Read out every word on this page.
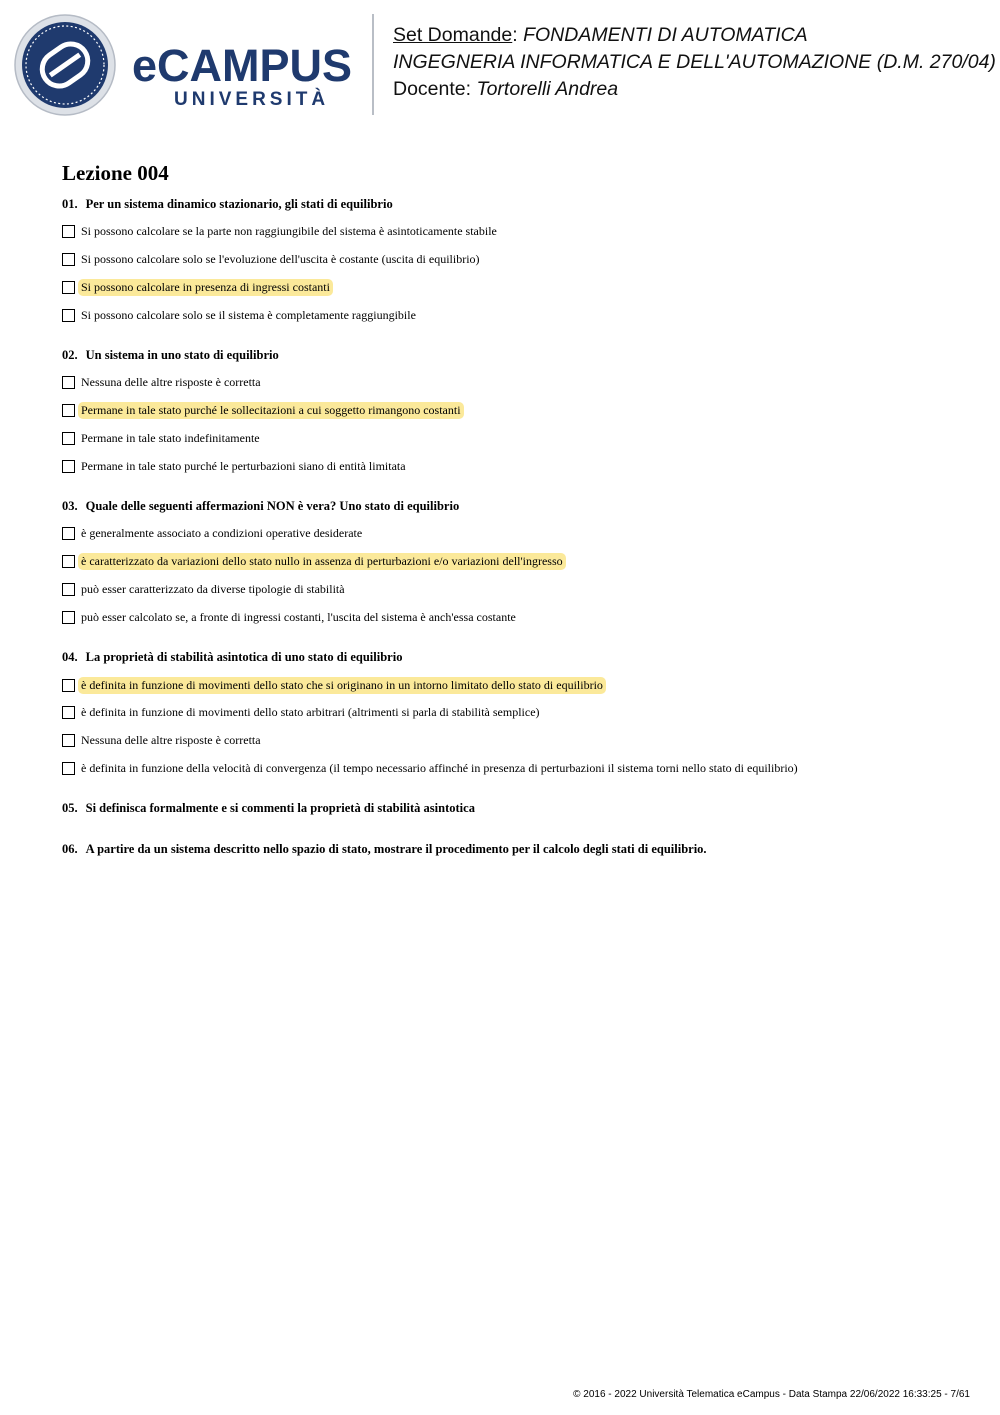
eCAMPUS
UNIVERSITÀ
Set Domande: FONDAMENTI DI AUTOMATICA
INGEGNERIA INFORMATICA E DELL'AUTOMAZIONE (D.M. 270/04)
Docente: Tortorelli Andrea
Lezione 004
01. Per un sistema dinamico stazionario, gli stati di equilibrio
Si possono calcolare se la parte non raggiungibile del sistema è asintoticamente stabile
Si possono calcolare solo se l'evoluzione dell'uscita è costante (uscita di equilibrio)
Si possono calcolare in presenza di ingressi costanti
Si possono calcolare solo se il sistema è completamente raggiungibile
02. Un sistema in uno stato di equilibrio
Nessuna delle altre risposte è corretta
Permane in tale stato purché le sollecitazioni a cui soggetto rimangono costanti
Permane in tale stato indefinitamente
Permane in tale stato purché le perturbazioni siano di entità limitata
03. Quale delle seguenti affermazioni NON è vera? Uno stato di equilibrio
è generalmente associato a condizioni operative desiderate
è caratterizzato da variazioni dello stato nullo in assenza di perturbazioni e/o variazioni dell'ingresso
può esser caratterizzato da diverse tipologie di stabilità
può esser calcolato se, a fronte di ingressi costanti, l'uscita del sistema è anch'essa costante
04. La proprietà di stabilità asintotica di uno stato di equilibrio
è definita in funzione di movimenti dello stato che si originano in un intorno limitato dello stato di equilibrio
è definita in funzione di movimenti dello stato arbitrari (altrimenti si parla di stabilità semplice)
Nessuna delle altre risposte è corretta
è definita in funzione della velocità di convergenza (il tempo necessario affinché in presenza di perturbazioni il sistema torni nello stato di equilibrio)
05. Si definisca formalmente e si commenti la proprietà di stabilità asintotica
06. A partire da un sistema descritto nello spazio di stato, mostrare il procedimento per il calcolo degli stati di equilibrio.
© 2016 - 2022 Università Telematica eCampus - Data Stampa 22/06/2022 16:33:25 - 7/61
